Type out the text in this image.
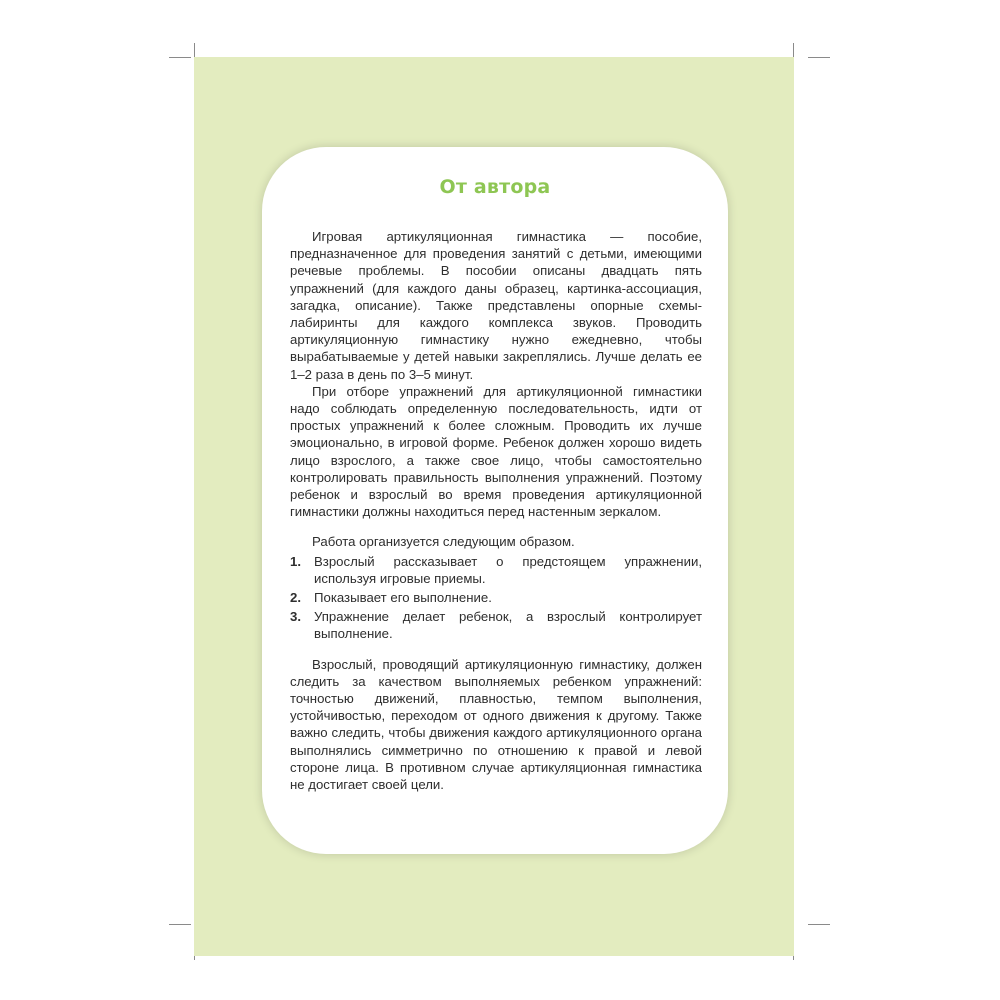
От автора

Игровая артикуляционная гимнастика — пособие, предназначенное для проведения занятий с детьми, имеющими речевые проблемы. В пособии описаны двадцать пять упражнений (для каждого даны образец, картинка-ассоциация, загадка, описание). Также представлены опорные схемы-лабиринты для каждого комплекса звуков. Проводить артикуляционную гимнастику нужно ежедневно, чтобы вырабатываемые у детей навыки закреплялись. Лучше делать ее 1–2 раза в день по 3–5 минут.

При отборе упражнений для артикуляционной гимнастики надо соблюдать определенную последовательность, идти от простых упражнений к более сложным. Проводить их лучше эмоционально, в игровой форме. Ребенок должен хорошо видеть лицо взрослого, а также свое лицо, чтобы самостоятельно контролировать правильность выполнения упражнений. Поэтому ребенок и взрослый во время проведения артикуляционной гимнастики должны находиться перед настенным зеркалом.

Работа организуется следующим образом.

1. Взрослый рассказывает о предстоящем упражнении, используя игровые приемы.
2. Показывает его выполнение.
3. Упражнение делает ребенок, а взрослый контролирует выполнение.

Взрослый, проводящий артикуляционную гимнастику, должен следить за качеством выполняемых ребенком упражнений: точностью движений, плавностью, темпом выполнения, устойчивостью, переходом от одного движения к другому. Также важно следить, чтобы движения каждого артикуляционного органа выполнялись симметрично по отношению к правой и левой стороне лица. В противном случае артикуляционная гимнастика не достигает своей цели.
